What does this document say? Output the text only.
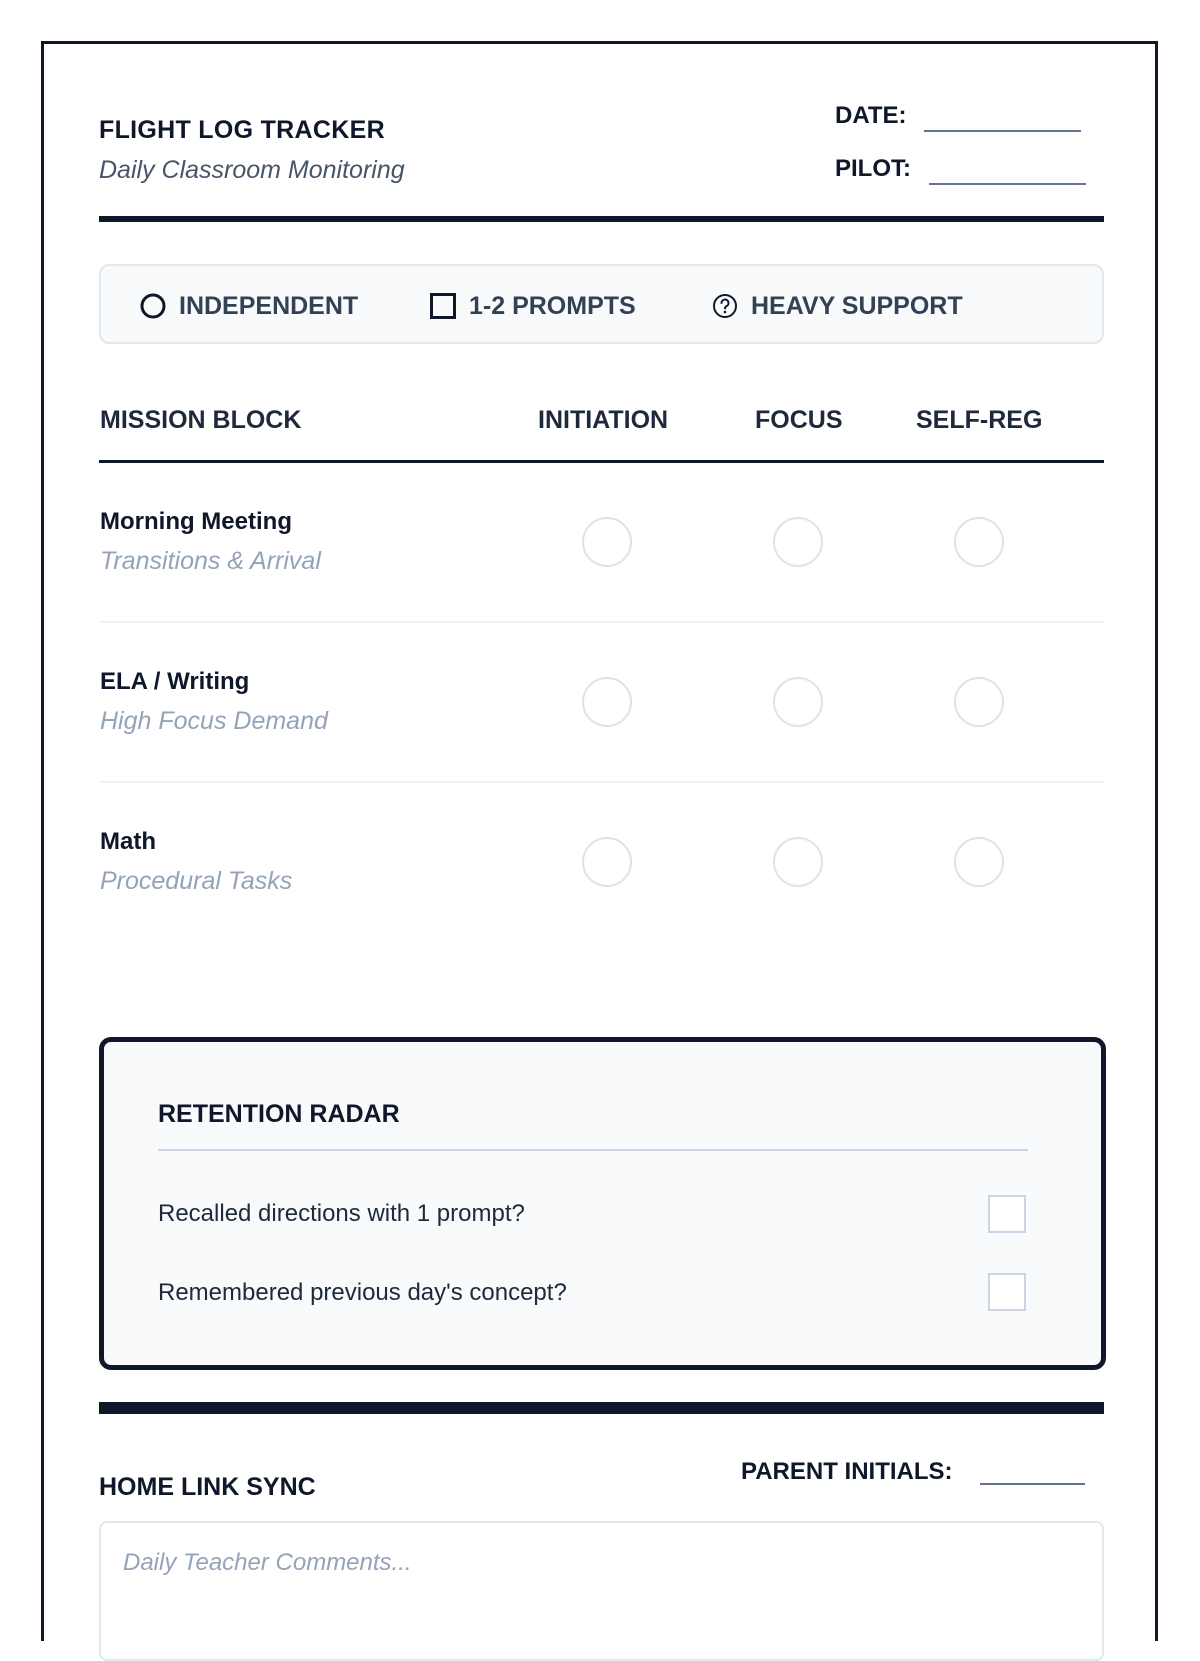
FLIGHT LOG TRACKER
Daily Classroom Monitoring
DATE:
PILOT:
INDEPENDENT	1-2 PROMPTS	HEAVY SUPPORT
MISSION BLOCK	INITIATION	FOCUS	SELF-REG
Morning Meeting
Transitions & Arrival
ELA / Writing
High Focus Demand
Math
Procedural Tasks
RETENTION RADAR
Recalled directions with 1 prompt?
Remembered previous day's concept?
HOME LINK SYNC
PARENT INITIALS:
Daily Teacher Comments...
